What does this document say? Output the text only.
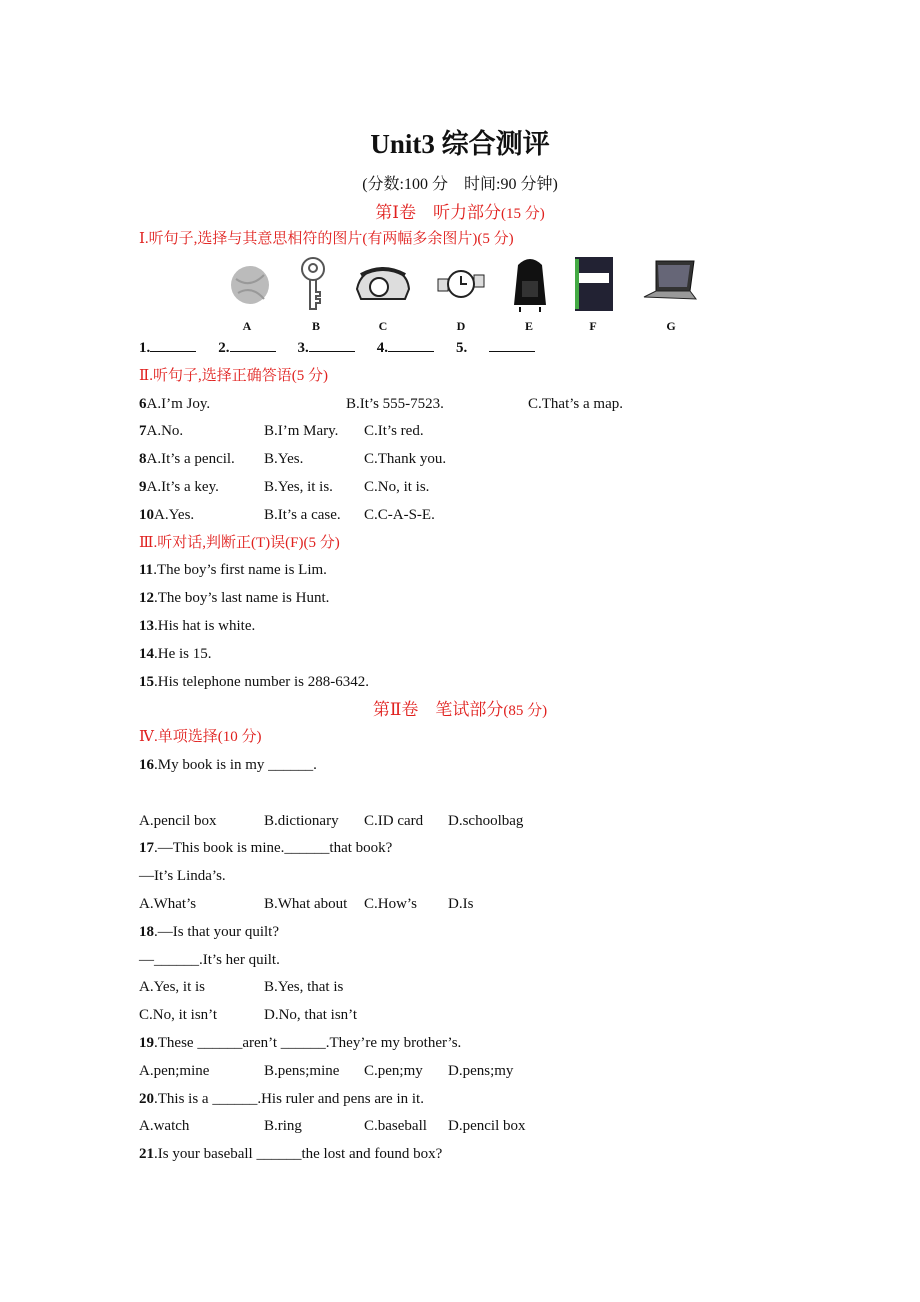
Unit3 综合测评
(分数:100 分　时间:90 分钟)
第Ⅰ卷　听力部分(15 分)
Ⅰ.听句子,选择与其意思相符的图片(有两幅多余图片)(5 分)
A	B	C	D	E	F	G
1.	2.	3.	4.	5.
Ⅱ.听句子,选择正确答语(5 分)
6A.I’m Joy.	B.It’s 555-7523.	C.That’s a map.
7A.No.	B.I’m Mary. C.It’s red.
8A.It’s a pencil. B.Yes.	C.Thank you.
9A.It’s a key.	B.Yes, it is. C.No, it is.
10A.Yes.	B.It’s a case. C.C-A-S-E.
Ⅲ.听对话,判断正(T)误(F)(5 分)
11.The boy’s first name is Lim.
12.The boy’s last name is Hunt.
13.His hat is white.
14.He is 15.
15.His telephone number is 288-6342.
第Ⅱ卷　笔试部分(85 分)
Ⅳ.单项选择(10 分)
16.My book is in my ______.
A.pencil box	B.dictionary C.ID card D.schoolbag
17.—This book is mine.______that book?
—It’s Linda’s.
A.What’s	B.What about C.How’s D.Is
18.—Is that your quilt?
—______.It’s her quilt.
A.Yes, it is	B.Yes, that is
C.No, it isn’t	D.No, that isn’t
19.These ______aren’t ______.They’re my brother’s.
A.pen;mine	B.pens;mine C.pen;my D.pens;my
20.This is a ______.His ruler and pens are in it.
A.watch	B.ring	C.baseball D.pencil box
21.Is your baseball ______the lost and found box?
